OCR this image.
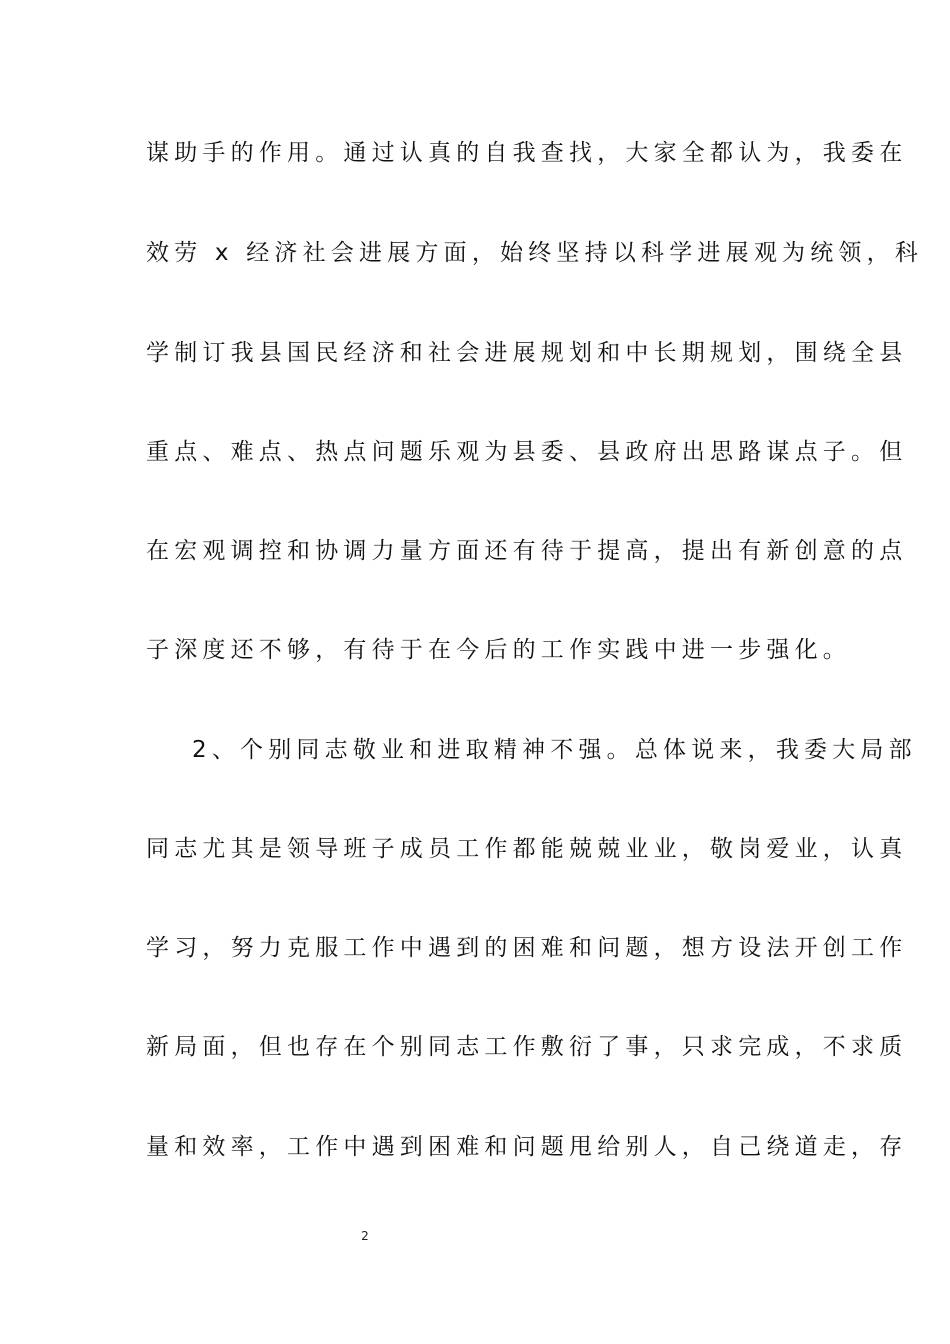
谋助手的作用。通过认真的自我查找，大家全都认为，我委在

效劳 x 经济社会进展方面，始终坚持以科学进展观为统领，科

学制订我县国民经济和社会进展规划和中长期规划，围绕全县

重点、难点、热点问题乐观为县委、县政府出思路谋点子。但

在宏观调控和协调力量方面还有待于提高，提出有新创意的点

子深度还不够，有待于在今后的工作实践中进一步强化。

2、个别同志敬业和进取精神不强。总体说来，我委大局部

同志尤其是领导班子成员工作都能兢兢业业，敬岗爱业，认真

学习，努力克服工作中遇到的困难和问题，想方设法开创工作

新局面，但也存在个别同志工作敷衍了事，只求完成，不求质

量和效率，工作中遇到困难和问题甩给别人，自己绕道走，存

2
